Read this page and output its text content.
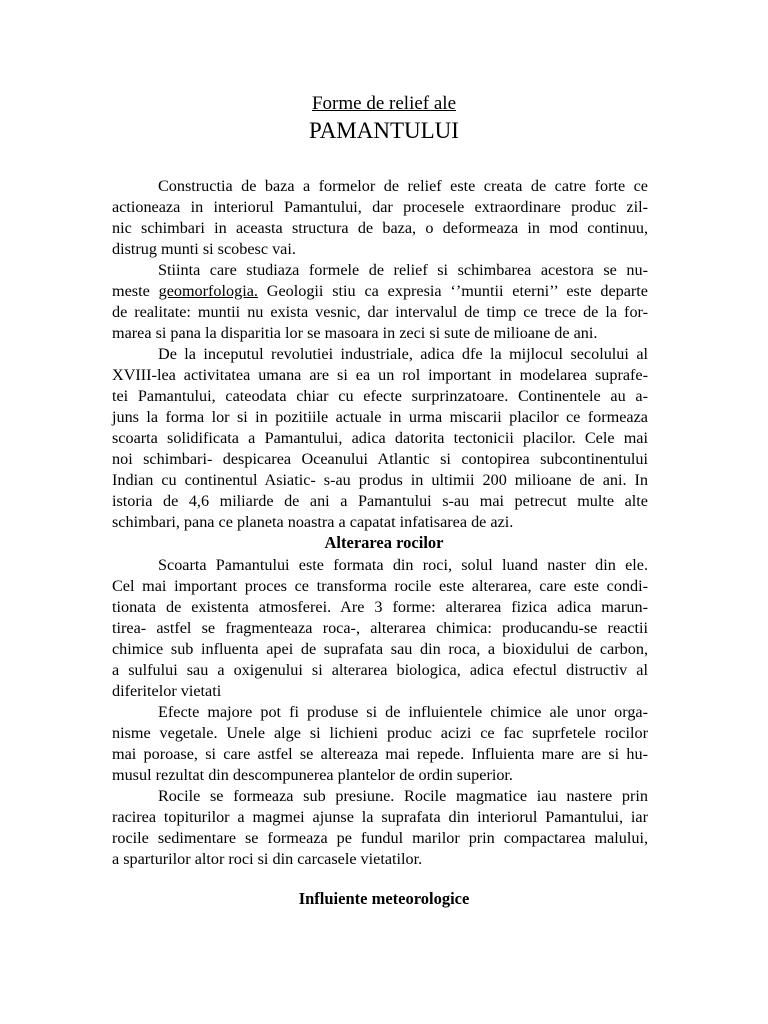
Forme de relief ale
PAMANTULUI
Constructia de baza a formelor de relief este creata de catre forte ce
actioneaza in interiorul Pamantului, dar procesele extraordinare produc zil-
nic schimbari in aceasta structura de baza, o deformeaza in mod continuu,
distrug munti si scobesc vai.
Stiinta care studiaza formele de relief si schimbarea acestora se nu-
meste geomorfologia. Geologii stiu ca expresia ‘’muntii eterni’’ este departe
de realitate: muntii nu exista vesnic, dar intervalul de timp ce trece de la for-
marea si pana la disparitia lor se masoara in zeci si sute de milioane de ani.
De la inceputul revolutiei industriale, adica dfe la mijlocul secolului al
XVIII-lea activitatea umana are si ea un rol important in modelarea suprafe-
tei Pamantului, cateodata chiar cu efecte surprinzatoare. Continentele au a-
juns la forma lor si in pozitiile actuale in urma miscarii placilor ce formeaza
scoarta solidificata a Pamantului, adica datorita tectonicii placilor. Cele mai
noi schimbari- despicarea Oceanului Atlantic si contopirea subcontinentului
Indian cu continentul Asiatic- s-au produs in ultimii 200 milioane de ani. In
istoria de 4,6 miliarde de ani a Pamantului s-au mai petrecut multe alte
schimbari, pana ce planeta noastra a capatat infatisarea de azi.
Alterarea rocilor
Scoarta Pamantului este formata din roci, solul luand naster din ele.
Cel mai important proces ce transforma rocile este alterarea, care este condi-
tionata de existenta atmosferei. Are 3 forme: alterarea fizica adica marun-
tirea- astfel se fragmenteaza roca-, alterarea chimica: producandu-se reactii
chimice sub influenta apei de suprafata sau din roca, a bioxidului de carbon,
a sulfului sau a oxigenului si alterarea biologica, adica efectul distructiv al
diferitelor vietati
Efecte majore pot fi produse si de influientele chimice ale unor orga-
nisme vegetale. Unele alge si lichieni produc acizi ce fac suprfetele rocilor
mai poroase, si care astfel se altereaza mai repede. Influienta mare are si hu-
musul rezultat din descompunerea plantelor de ordin superior.
Rocile se formeaza sub presiune. Rocile magmatice iau nastere prin
racirea topiturilor a magmei ajunse la suprafata din interiorul Pamantului, iar
rocile sedimentare se formeaza pe fundul marilor prin compactarea malului,
a sparturilor altor roci si din carcasele vietatilor.
Influiente meteorologice
